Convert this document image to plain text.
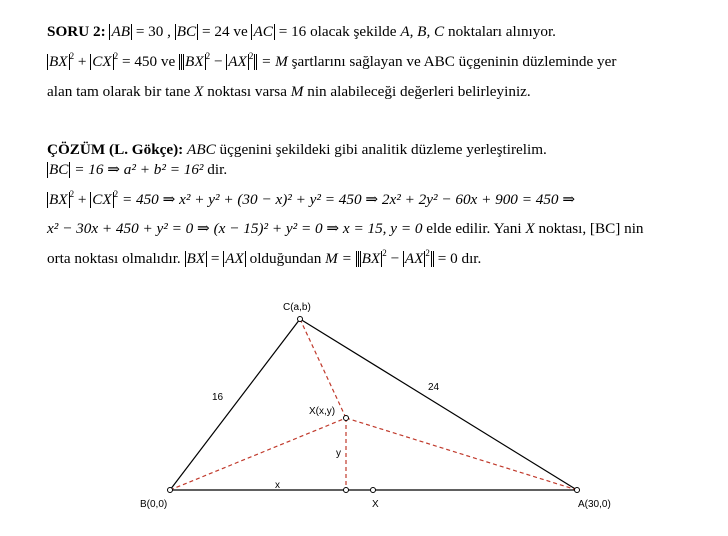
SORU 2: AB = 30 , BC = 24 ve AC = 16 olacak şekilde A, B, C noktaları alınıyor.
BX $^2$ + CX $^2$ = 450 ve BX $^2$ − AX $^2$ = M şartlarını sağlayan ve ABC üçgeninin düzleminde yer
alan tam olarak bir tane X noktası varsa M nin alabileceği değerleri belirleyiniz.
ÇÖZÜM (L. Gökçe): ABC üçgenini şekildeki gibi analitik düzleme yerleştirelim.
BC = 16 ⇒ a² + b² = 16² dir.
BX $^2$ + CX $^2$ = 450 ⇒ x² + y² + (30 − x)² + y² = 450 ⇒ 2x² + 2y² − 60x + 900 = 450 ⇒
x² − 30x + 450 + y² = 0 ⇒ (x − 15)² + y² = 0 ⇒ x = 15, y = 0 elde edilir. Yani X noktası, [BC] nin
orta noktası olmalıdır. BX = AX olduğundan M = BX $^2$ − AX $^2$ = 0 dır.
C(a,b)
B(0,0)	A(30,0)
X(x,y)
X
16
24
y
x
